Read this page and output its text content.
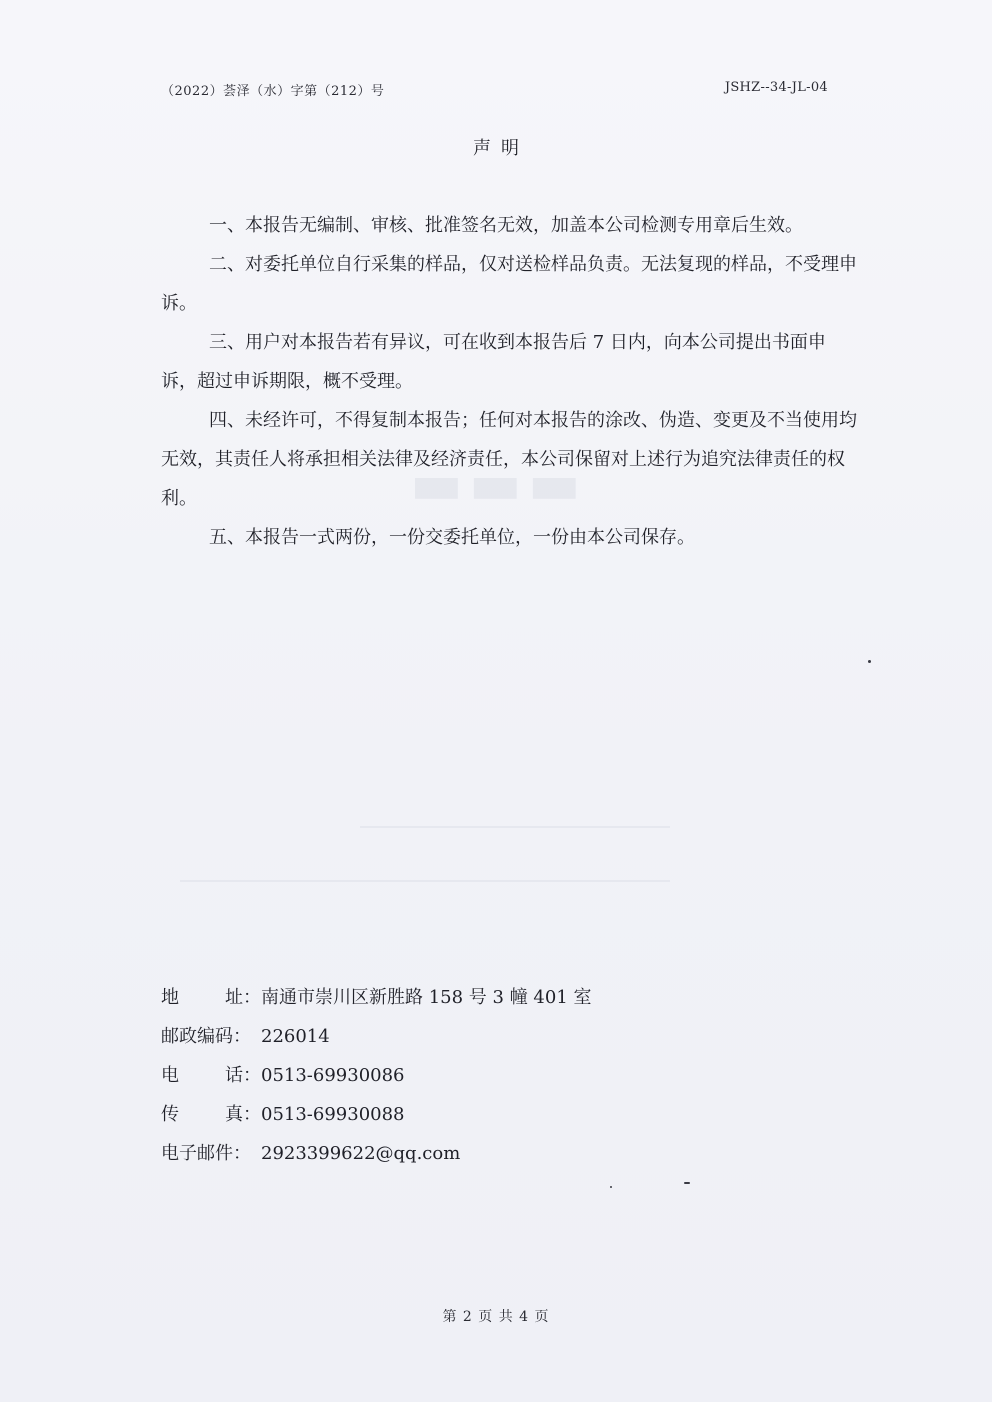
▬▬▬
（2022）荟泽（水）字第（212）号	JSHZ--34-JL-04
声明
一、本报告无编制、审核、批准签名无效，加盖本公司检测专用章后生效。
二、对委托单位自行采集的样品，仅对送检样品负责。无法复现的样品，不受理申诉。
三、用户对本报告若有异议，可在收到本报告后 7 日内，向本公司提出书面申诉，超过申诉期限，概不受理。
四、未经许可，不得复制本报告；任何对本报告的涂改、伪造、变更及不当使用均无效，其责任人将承担相关法律及经济责任，本公司保留对上述行为追究法律责任的权利。
五、本报告一式两份，一份交委托单位，一份由本公司保存。
地	址： 南通市崇川区新胜路 158 号 3 幢 401 室
邮政编码： 226014
电	话： 0513-69930086
传	真： 0513-69930088
电子邮件： 2923399622@qq.com
第 2 页 共 4 页
